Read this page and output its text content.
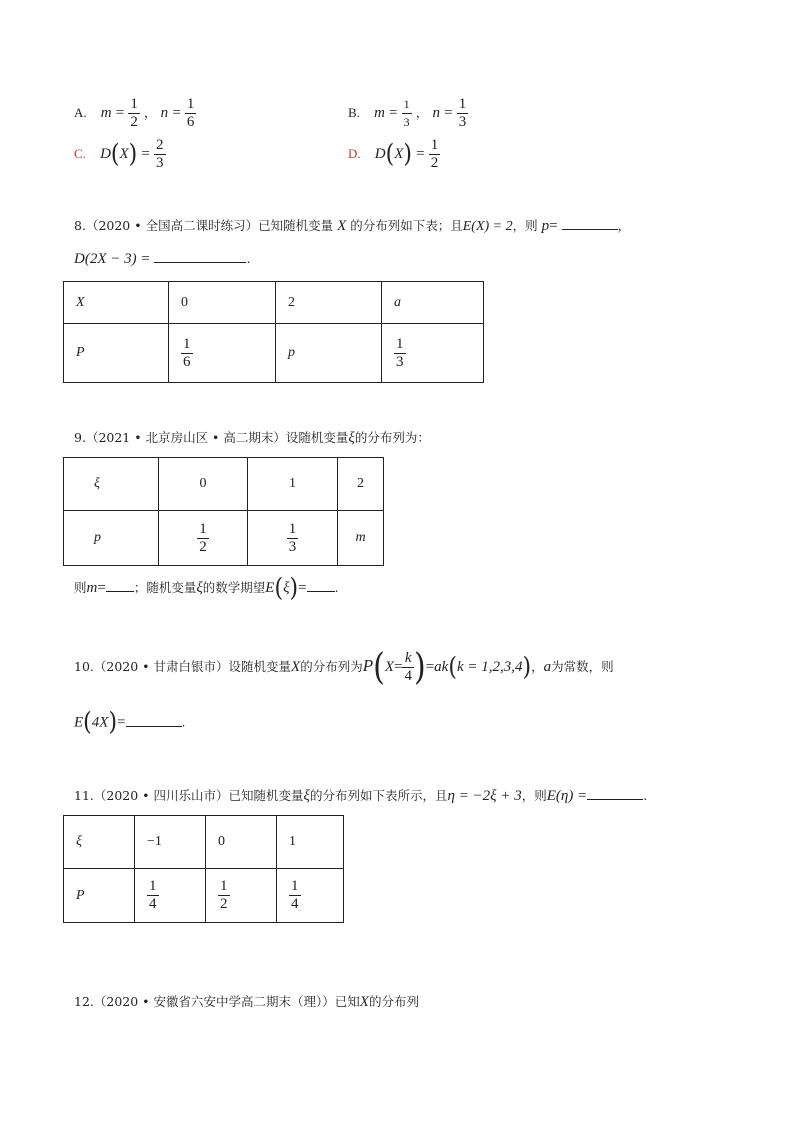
A. $m = \frac{1}{2}$ ， $n = \frac{1}{6}$	B. $m = \frac{1}{3}$ ， $n = \frac{1}{3}$
C. $D(X) = \frac{2}{3}$	D. $D(X) = \frac{1}{2}$
8.（2020 • 全国高二课时练习）已知随机变量 X 的分布列如下表；且E(X) = 2，则 p=	，
D(2X − 3) =	.
X	0	2	a
P	$\frac{1}{6}$	p	$\frac{1}{3}$
9.（2021 • 北京房山区 • 高二期末）设随机变量ξ的分布列为：
ξ	0	1	2
p	$\frac{1}{2}$	$\frac{1}{3}$	m
则m= ；随机变量ξ的数学期望E(ξ)= .
10.（2020 • 甘肃白银市）设随机变量X的分布列为$P(X= \frac{k}{4} )=ak(k = 1,2,3,4)$，a为常数，则
E(4X)=	.
11.（2020 • 四川乐山市）已知随机变量ξ的分布列如下表所示，且η = −2ξ + 3，则E(η) =	.
ξ	−1	0	1
P	$\frac{1}{4}$	$\frac{1}{2}$	$\frac{1}{4}$
12.（2020 • 安徽省六安中学高二期末（理））已知X的分布列
